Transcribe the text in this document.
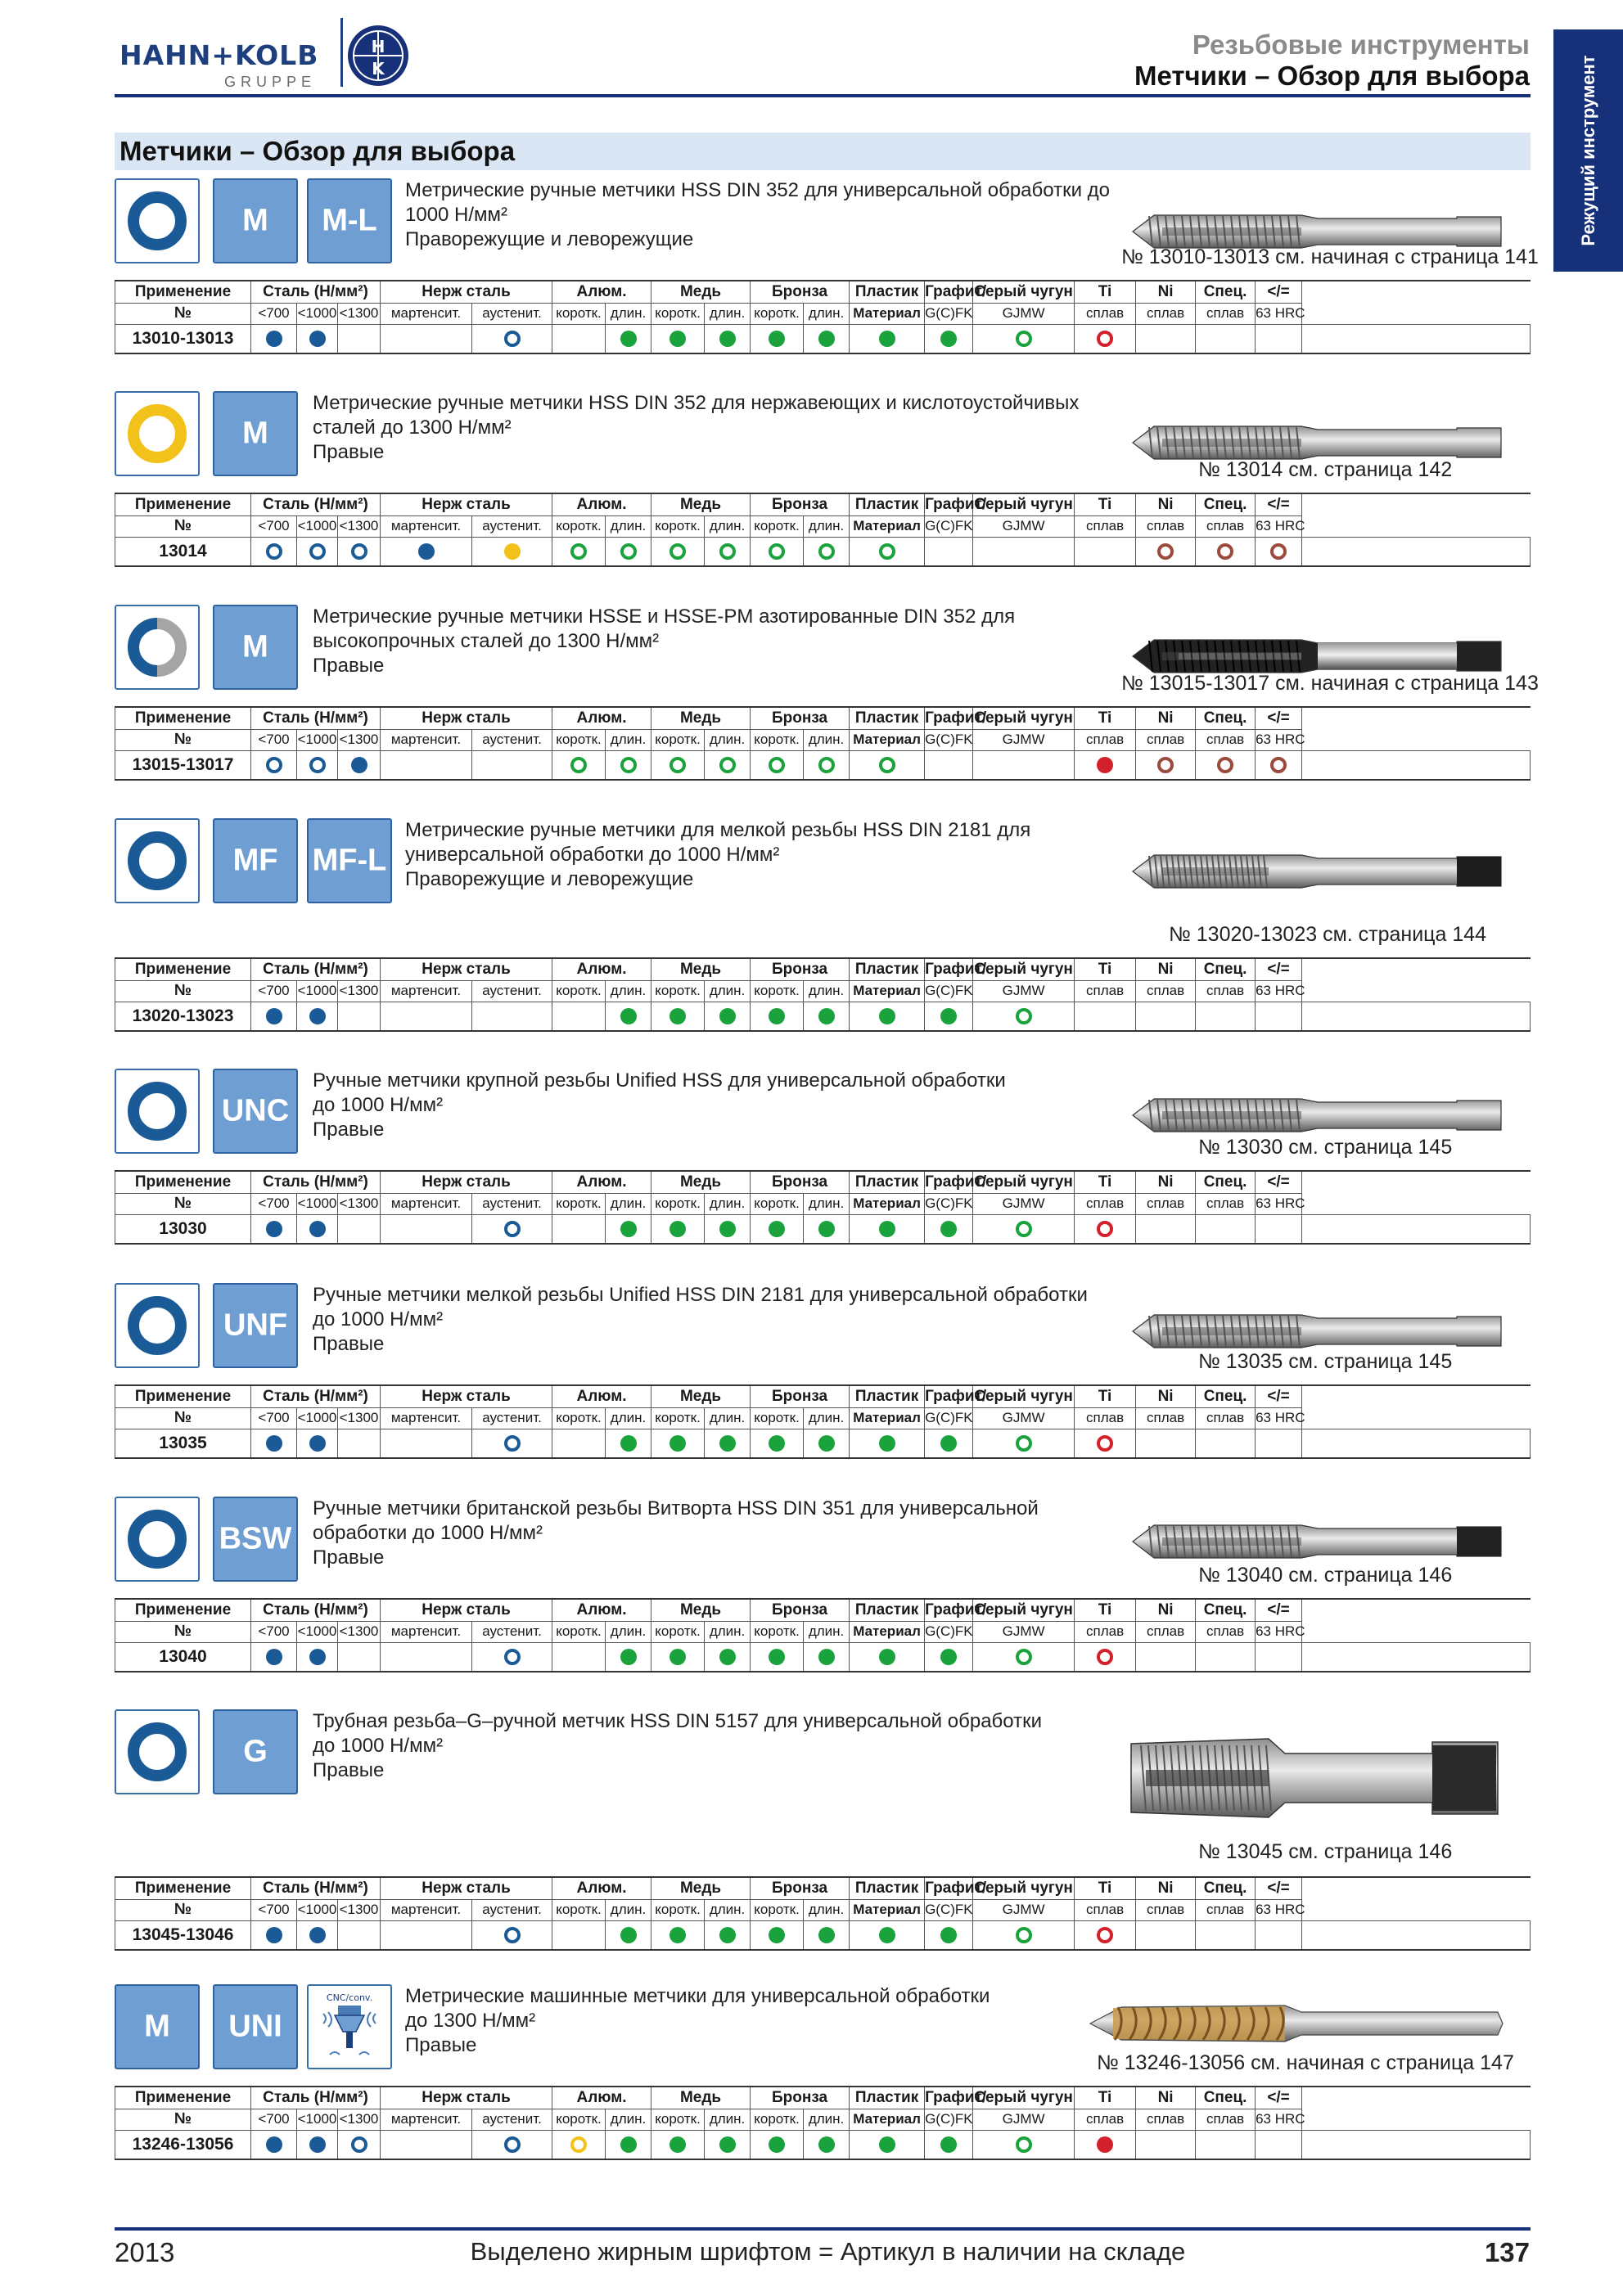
HAHN+KOLB
GRUPPE
H
K
Резьбовые инструменты
Метчики – Обзор для выбора	Режущий инструмент
Метчики – Обзор для выбора
M	M-L
Метрические ручные метчики HSS DIN 352 для универсальной обработки до
1000 Н/мм²
Праворежущие и леворежущие
№ 13010-13013 см. начиная с страница 141
Применение	Сталь (Н/мм²)			Нерж сталь		Алюм.		Медь		Бронза		Пластик	Графит/	Серый чугун	Ti	Ni	Спец.	</=	
№	<700	<1000	<1300	мартенсит.	аустенит.	коротк.	длин.	коротк.	длин.	коротк.	длин.	Материал	G(C)FK	GJMW	сплав	сплав	сплав	63 HRC	
13010-13013																			
M
Метрические ручные метчики HSS DIN 352 для нержавеющих и кислотоустойчивых
сталей до 1300 Н/мм²
Правые
№ 13014 см. страница 142
Применение	Сталь (Н/мм²)			Нерж сталь		Алюм.		Медь		Бронза		Пластик	Графит/	Серый чугун	Ti	Ni	Спец.	</=	
№	<700	<1000	<1300	мартенсит.	аустенит.	коротк.	длин.	коротк.	длин.	коротк.	длин.	Материал	G(C)FK	GJMW	сплав	сплав	сплав	63 HRC	
13014																			
M
Метрические ручные метчики HSSE и HSSE-PM азотированные DIN 352 для
высокопрочных сталей до 1300 Н/мм²
Правые
№ 13015-13017 см. начиная с страница 143
Применение	Сталь (Н/мм²)			Нерж сталь		Алюм.		Медь		Бронза		Пластик	Графит/	Серый чугун	Ti	Ni	Спец.	</=	
№	<700	<1000	<1300	мартенсит.	аустенит.	коротк.	длин.	коротк.	длин.	коротк.	длин.	Материал	G(C)FK	GJMW	сплав	сплав	сплав	63 HRC	
13015-13017																			
MF	MF-L
Метрические ручные метчики для мелкой резьбы HSS DIN 2181 для
универсальной обработки до 1000 Н/мм²
Праворежущие и леворежущие
№ 13020-13023 см. страница 144
Применение	Сталь (Н/мм²)			Нерж сталь		Алюм.		Медь		Бронза		Пластик	Графит/	Серый чугун	Ti	Ni	Спец.	</=	
№	<700	<1000	<1300	мартенсит.	аустенит.	коротк.	длин.	коротк.	длин.	коротк.	длин.	Материал	G(C)FK	GJMW	сплав	сплав	сплав	63 HRC	
13020-13023																			
UNC
Ручные метчики крупной резьбы Unified HSS для универсальной обработки
до 1000 Н/мм²
Правые
№ 13030 см. страница 145
Применение	Сталь (Н/мм²)			Нерж сталь		Алюм.		Медь		Бронза		Пластик	Графит/	Серый чугун	Ti	Ni	Спец.	</=	
№	<700	<1000	<1300	мартенсит.	аустенит.	коротк.	длин.	коротк.	длин.	коротк.	длин.	Материал	G(C)FK	GJMW	сплав	сплав	сплав	63 HRC	
13030																			
UNF
Ручные метчики мелкой резьбы Unified HSS DIN 2181 для универсальной обработки
до 1000 Н/мм²
Правые
№ 13035 см. страница 145
Применение	Сталь (Н/мм²)			Нерж сталь		Алюм.		Медь		Бронза		Пластик	Графит/	Серый чугун	Ti	Ni	Спец.	</=	
№	<700	<1000	<1300	мартенсит.	аустенит.	коротк.	длин.	коротк.	длин.	коротк.	длин.	Материал	G(C)FK	GJMW	сплав	сплав	сплав	63 HRC	
13035																			
BSW
Ручные метчики британской резьбы Витворта HSS DIN 351 для универсальной
обработки до 1000 Н/мм²
Правые
№ 13040 см. страница 146
Применение	Сталь (Н/мм²)			Нерж сталь		Алюм.		Медь		Бронза		Пластик	Графит/	Серый чугун	Ti	Ni	Спец.	</=	
№	<700	<1000	<1300	мартенсит.	аустенит.	коротк.	длин.	коротк.	длин.	коротк.	длин.	Материал	G(C)FK	GJMW	сплав	сплав	сплав	63 HRC	
13040																			
G
Трубная резьба–G–ручной метчик HSS DIN 5157 для универсальной обработки
до 1000 Н/мм²
Правые
№ 13045 см. страница 146
Применение	Сталь (Н/мм²)			Нерж сталь		Алюм.		Медь		Бронза		Пластик	Графит/	Серый чугун	Ti	Ni	Спец.	</=	
№	<700	<1000	<1300	мартенсит.	аустенит.	коротк.	длин.	коротк.	длин.	коротк.	длин.	Материал	G(C)FK	GJMW	сплав	сплав	сплав	63 HRC	
13045-13046																			
M	UNI
CNC/conv. Метрические машинные метчики для универсальной обработки
до 1300 Н/мм²
Правые
№ 13246-13056 см. начиная с страница 147
Применение	Сталь (Н/мм²)			Нерж сталь		Алюм.		Медь		Бронза		Пластик	Графит/	Серый чугун	Ti	Ni	Спец.	</=	
№	<700	<1000	<1300	мартенсит.	аустенит.	коротк.	длин.	коротк.	длин.	коротк.	длин.	Материал	G(C)FK	GJMW	сплав	сплав	сплав	63 HRC	
13246-13056																			
2013	Выделено жирным шрифтом = Артикул в наличии на складе	137
